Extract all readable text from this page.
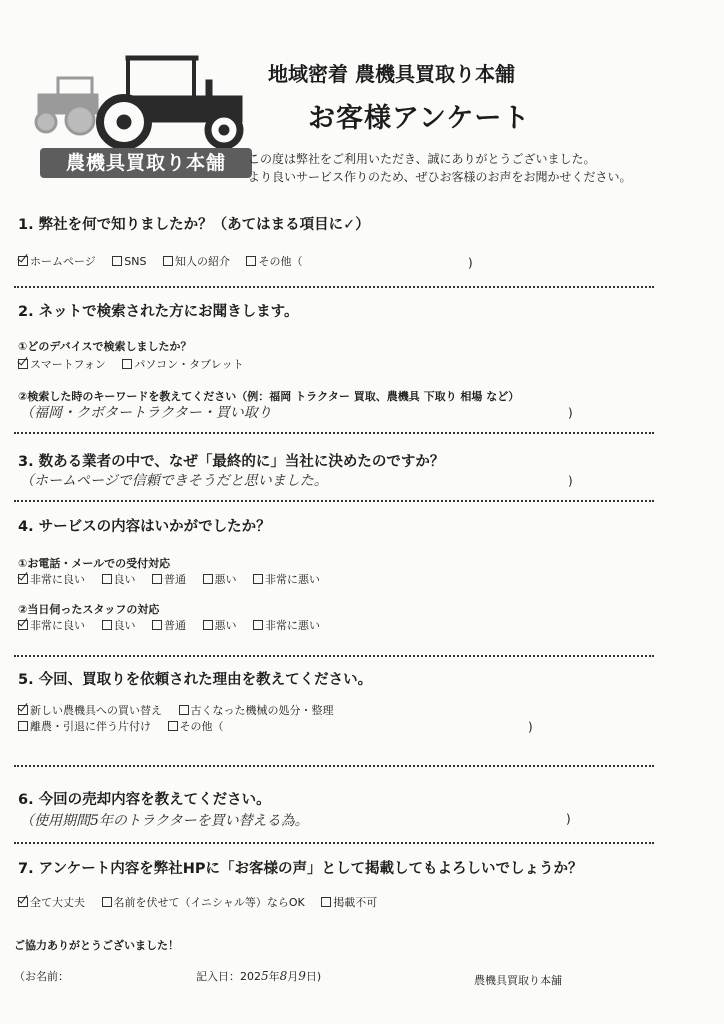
農機具買取り本舗
地域密着 農機具買取り本舗
お客様アンケート
この度は弊社をご利用いただき、誠にありがとうございました。
より良いサービス作りのため、ぜひお客様のお声をお聞かせください。
1. 弊社を何で知りましたか？（あてはまる項目に✓）
ホームページ	SNS	知人の紹介	その他（	)
2. ネットで検索された方にお聞きします。
①どのデバイスで検索しましたか？
スマートフォン	パソコン・タブレット
②検索した時のキーワードを教えてください（例：福岡 トラクター 買取、農機具 下取り 相場 など）
（福岡・クボタートラクター・買い取り	)
3. 数ある業者の中で、なぜ「最終的に」当社に決めたのですか？
（ホームページで信頼できそうだと思いました。	)
4. サービスの内容はいかがでしたか？
①お電話・メールでの受付対応
非常に良い	良い	普通	悪い	非常に悪い
②当日伺ったスタッフの対応
非常に良い	良い	普通	悪い	非常に悪い
5. 今回、買取りを依頼された理由を教えてください。
新しい農機具への買い替え	古くなった機械の処分・整理
離農・引退に伴う片付け	その他（	)
6. 今回の売却内容を教えてください。
（使用期間5年のトラクターを買い替える為。	)
7. アンケート内容を弊社HPに「お客様の声」として掲載してもよろしいでしょうか？
全て大丈夫	名前を伏せて（イニシャル等）ならOK	掲載不可
ご協力ありがとうございました！
（お名前：	記入日：2025年8月9日)	農機具買取り本舗
